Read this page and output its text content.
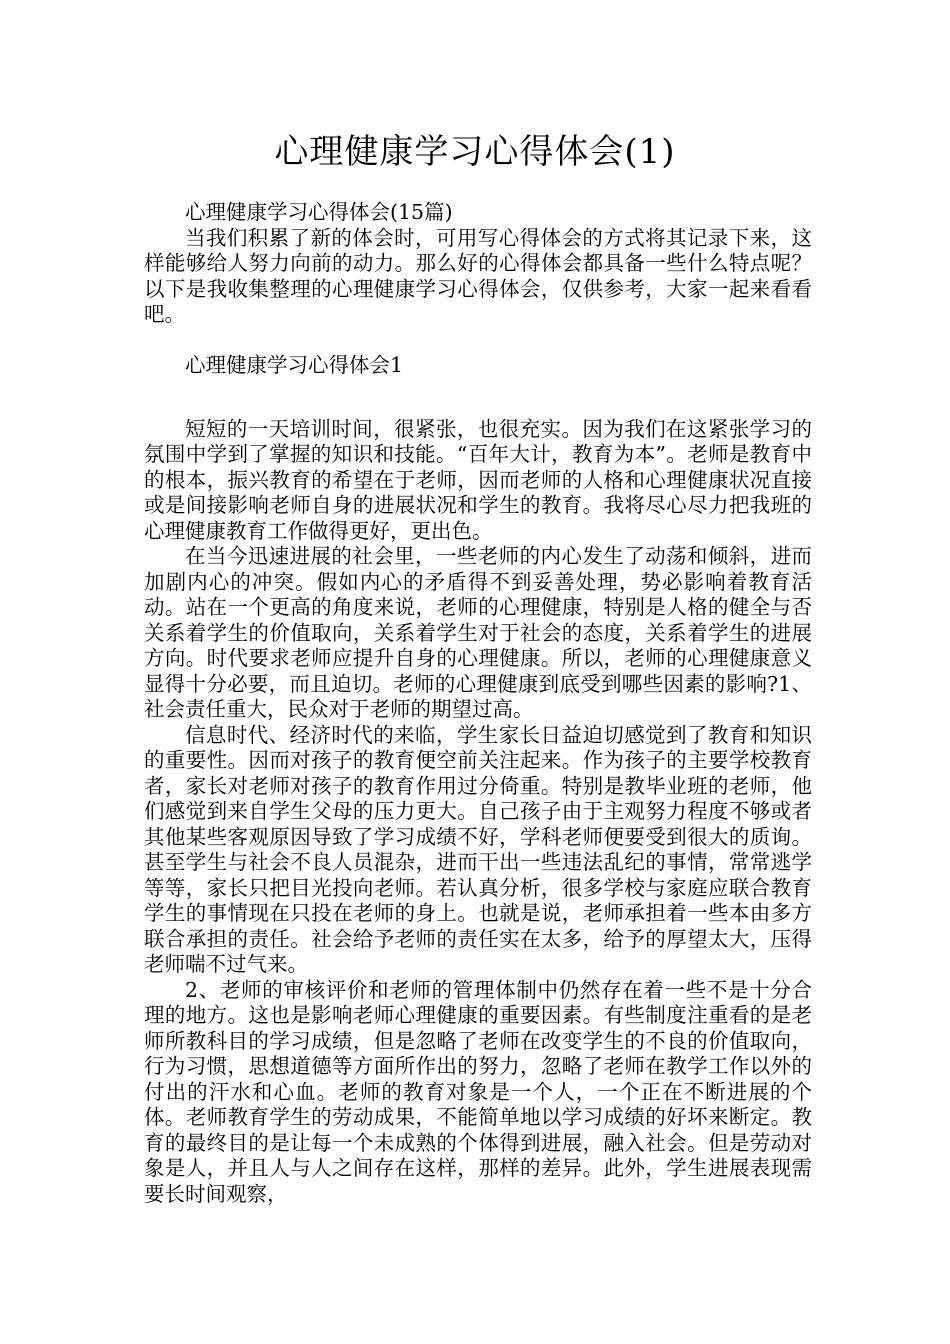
心理健康学习心得体会(1)

心理健康学习心得体会(15篇)

当我们积累了新的体会时，可用写心得体会的方式将其记录下来，这样能够给人努力向前的动力。那么好的心得体会都具备一些什么特点呢？以下是我收集整理的心理健康学习心得体会，仅供参考，大家一起来看看吧。

心理健康学习心得体会1

短短的一天培训时间，很紧张，也很充实。因为我们在这紧张学习的氛围中学到了掌握的知识和技能。“百年大计，教育为本”。老师是教育中的根本，振兴教育的希望在于老师，因而老师的人格和心理健康状况直接或是间接影响老师自身的进展状况和学生的教育。我将尽心尽力把我班的心理健康教育工作做得更好，更出色。

在当今迅速进展的社会里，一些老师的内心发生了动荡和倾斜，进而加剧内心的冲突。假如内心的矛盾得不到妥善处理，势必影响着教育活动。站在一个更高的角度来说，老师的心理健康，特别是人格的健全与否关系着学生的价值取向，关系着学生对于社会的态度，关系着学生的进展方向。时代要求老师应提升自身的心理健康。所以，老师的心理健康意义显得十分必要，而且迫切。老师的心理健康到底受到哪些因素的影响?1、社会责任重大，民众对于老师的期望过高。

信息时代、经济时代的来临，学生家长日益迫切感觉到了教育和知识的重要性。因而对孩子的教育便空前关注起来。作为孩子的主要学校教育者，家长对老师对孩子的教育作用过分倚重。特别是教毕业班的老师，他们感觉到来自学生父母的压力更大。自己孩子由于主观努力程度不够或者其他某些客观原因导致了学习成绩不好，学科老师便要受到很大的质询。甚至学生与社会不良人员混杂，进而干出一些违法乱纪的事情，常常逃学等等，家长只把目光投向老师。若认真分析，很多学校与家庭应联合教育学生的事情现在只投在老师的身上。也就是说，老师承担着一些本由多方联合承担的责任。社会给予老师的责任实在太多，给予的厚望太大，压得老师喘不过气来。

2、老师的审核评价和老师的管理体制中仍然存在着一些不是十分合理的地方。这也是影响老师心理健康的重要因素。有些制度注重看的是老师所教科目的学习成绩，但是忽略了老师在改变学生的不良的价值取向，行为习惯，思想道德等方面所作出的努力，忽略了老师在教学工作以外的付出的汗水和心血。老师的教育对象是一个人，一个正在不断进展的个体。老师教育学生的劳动成果，不能简单地以学习成绩的好坏来断定。教育的最终目的是让每一个未成熟的个体得到进展，融入社会。但是劳动对象是人，并且人与人之间存在这样，那样的差异。此外，学生进展表现需要长时间观察，
